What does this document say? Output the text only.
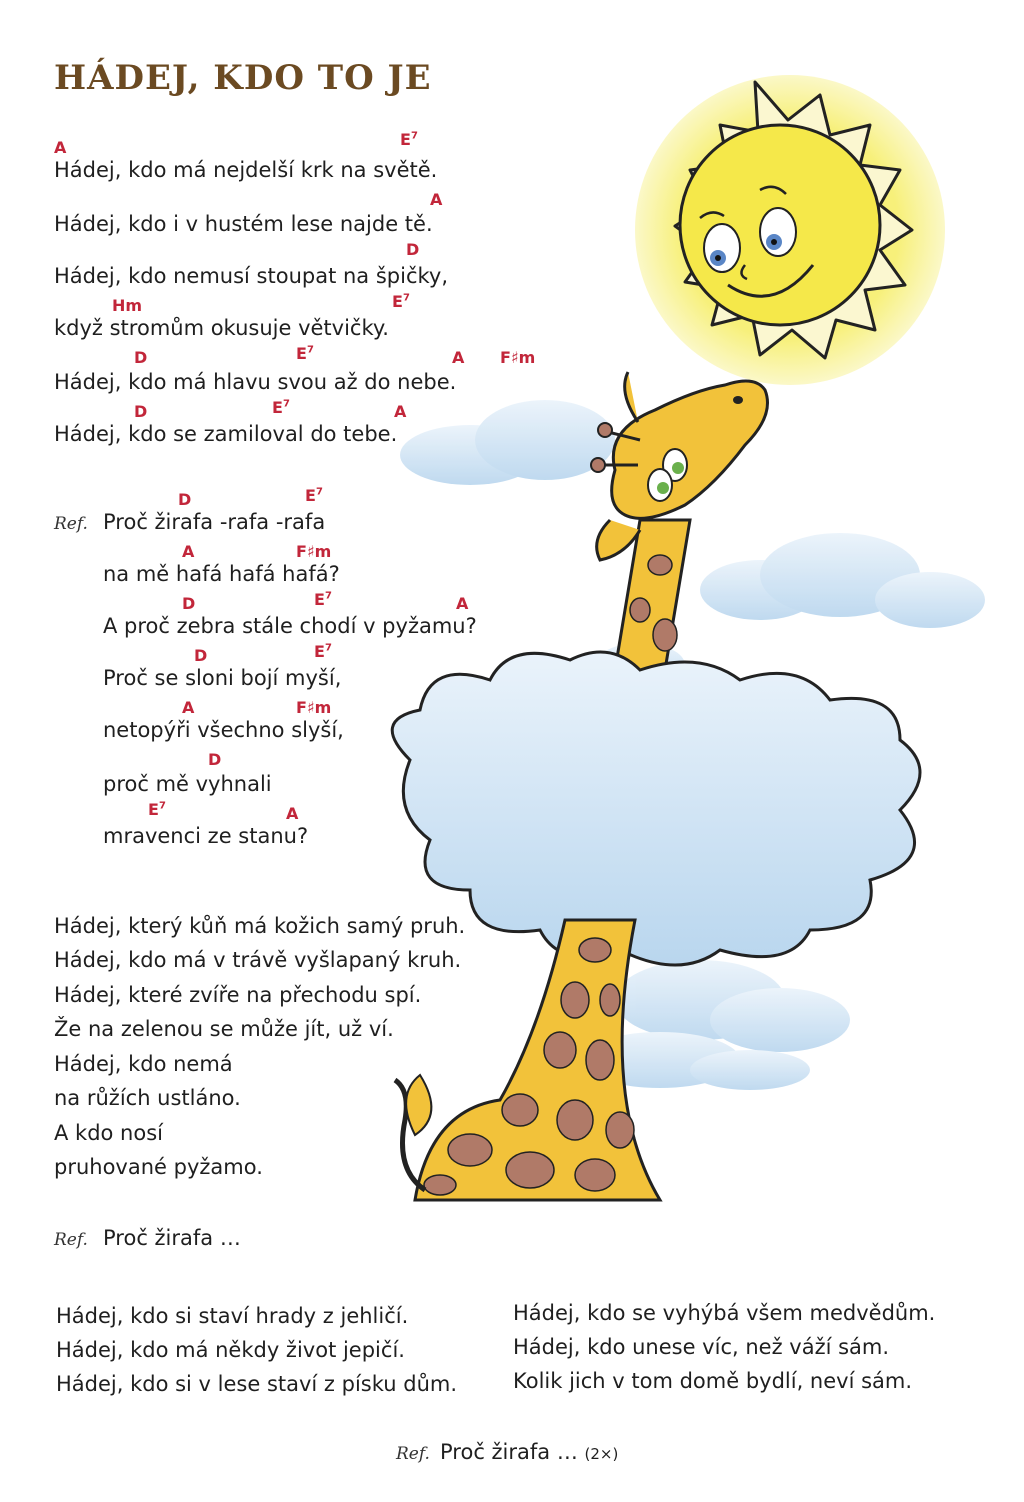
HÁDEJ, KDO TO JE
A	$E^7$
Hádej, kdo má nejdelší krk na světě.
A
Hádej, kdo i v hustém lese najde tě.
D
Hádej, kdo nemusí stoupat na špičky,
Hm	$E^7$
když stromům okusuje větvičky.
D	$E^7$	A F♯m
Hádej, kdo má hlavu svou až do nebe.
D	$E^7$	A
Hádej, kdo se zamiloval do tebe.
Ref.
D	$E^7$
Proč žirafa -rafa -rafa
A	F♯m
na mě hafá hafá hafá?
D	$E^7$	A
A proč zebra stále chodí v pyžamu?
D	$E^7$
Proč se sloni bojí myší,
A	F♯m
netopýři všechno slyší,
D
proč mě vyhnali
$E^7$	A
mravenci ze stanu?
Hádej, který kůň má kožich samý pruh.
Hádej, kdo má v trávě vyšlapaný kruh.
Hádej, které zvíře na přechodu spí.
Že na zelenou se může jít, už ví.
Hádej, kdo nemá
na růžích ustláno.
A kdo nosí
pruhované pyžamo.
Ref. Proč žirafa …
Hádej, kdo si staví hrady z jehličí.
Hádej, kdo má někdy život jepičí.
Hádej, kdo si v lese staví z písku dům.
Hádej, kdo se vyhýbá všem medvědům.
Hádej, kdo unese víc, než váží sám.
Kolik jich v tom domě bydlí, neví sám.
Ref. Proč žirafa … (2×)
